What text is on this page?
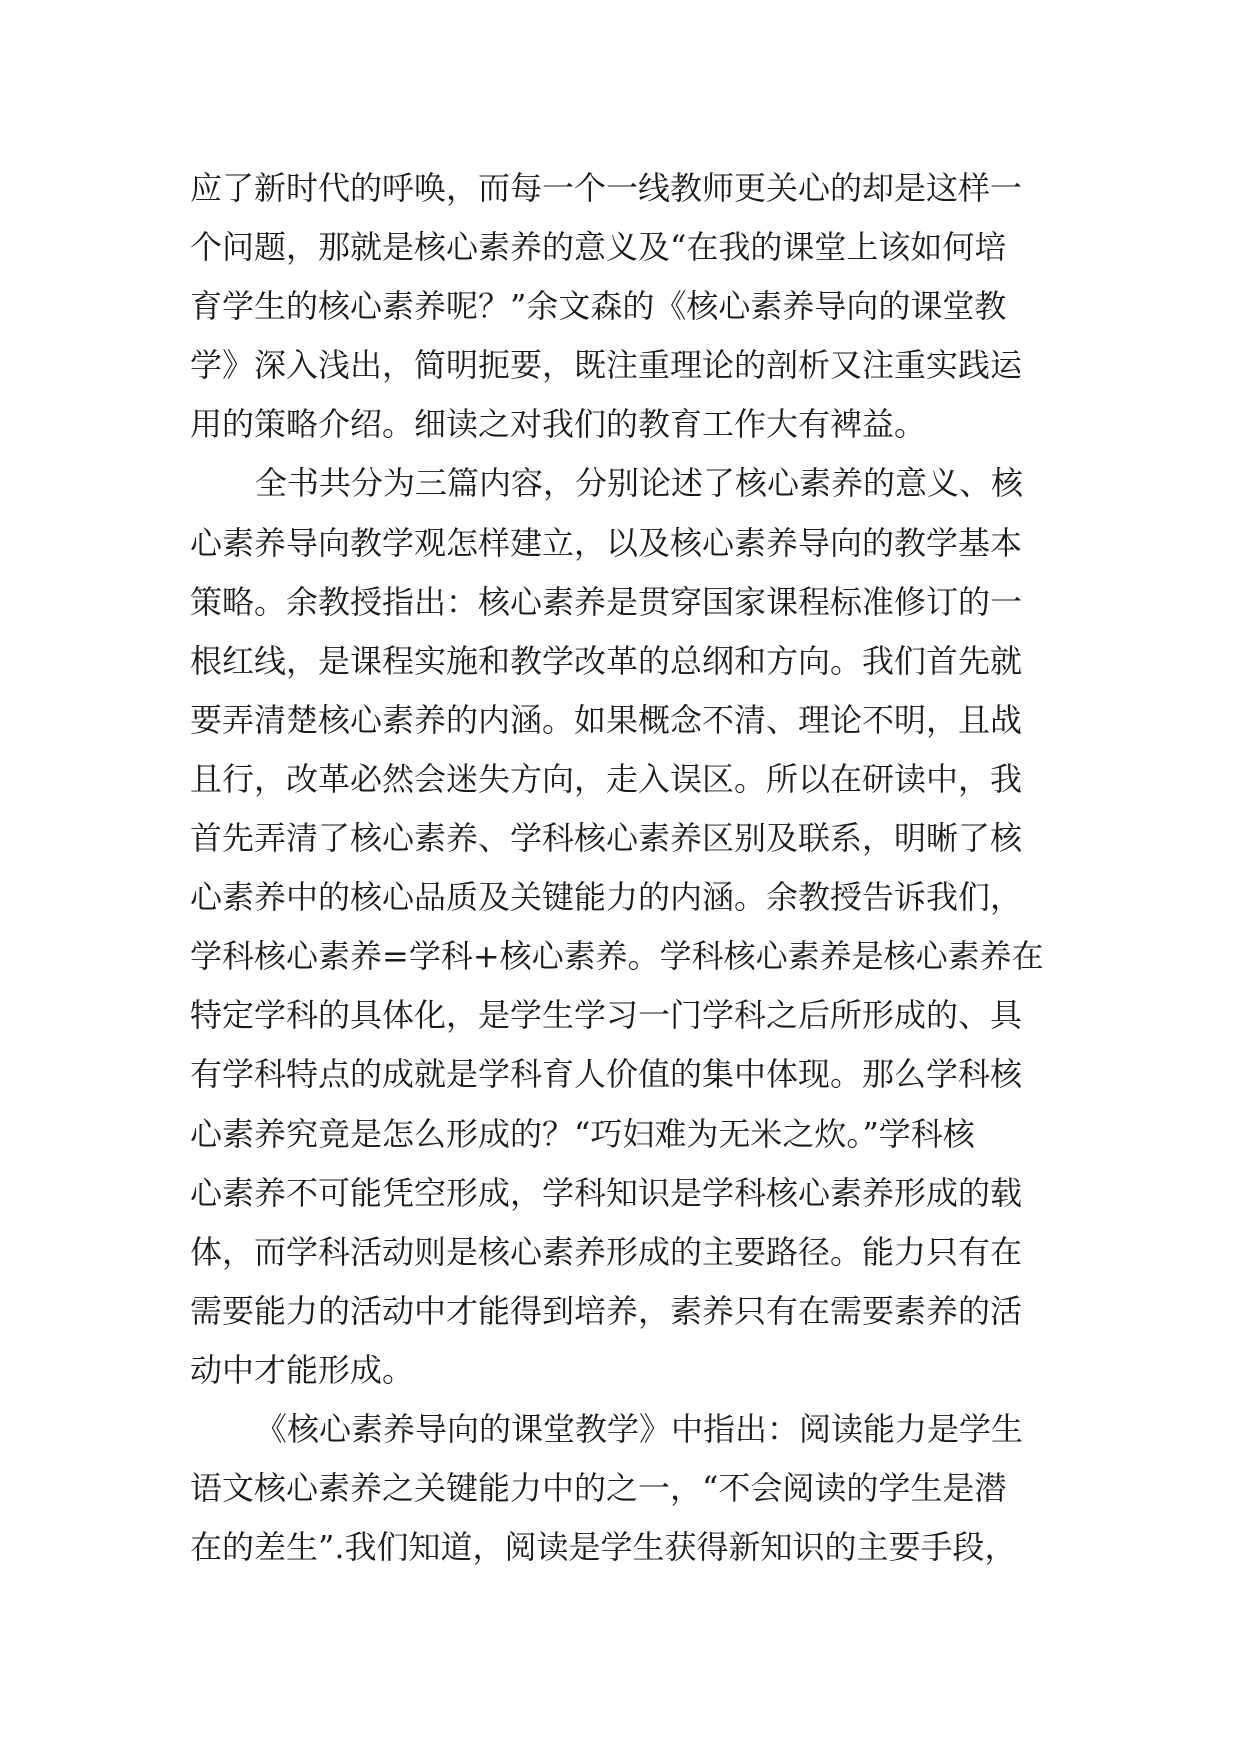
应了新时代的呼唤，而每一个一线教师更关心的却是这样一
个问题，那就是核心素养的意义及“在我的课堂上该如何培
育学生的核心素养呢？”余文森的《核心素养导向的课堂教
学》深入浅出，简明扼要，既注重理论的剖析又注重实践运
用的策略介绍。细读之对我们的教育工作大有裨益。
全书共分为三篇内容，分别论述了核心素养的意义、核
心素养导向教学观怎样建立，以及核心素养导向的教学基本
策略。余教授指出：核心素养是贯穿国家课程标准修订的一
根红线，是课程实施和教学改革的总纲和方向。我们首先就
要弄清楚核心素养的内涵。如果概念不清、理论不明，且战
且行，改革必然会迷失方向，走入误区。所以在研读中，我
首先弄清了核心素养、学科核心素养区别及联系，明晰了核
心素养中的核心品质及关键能力的内涵。余教授告诉我们，
学科核心素养=学科+核心素养。学科核心素养是核心素养在
特定学科的具体化，是学生学习一门学科之后所形成的、具
有学科特点的成就是学科育人价值的集中体现。那么学科核
心素养究竟是怎么形成的？“巧妇难为无米之炊。”学科核
心素养不可能凭空形成，学科知识是学科核心素养形成的载
体，而学科活动则是核心素养形成的主要路径。能力只有在
需要能力的活动中才能得到培养，素养只有在需要素养的活
动中才能形成。
《核心素养导向的课堂教学》中指出：阅读能力是学生
语文核心素养之关键能力中的之一，“不会阅读的学生是潜
在的差生”.我们知道，阅读是学生获得新知识的主要手段，
